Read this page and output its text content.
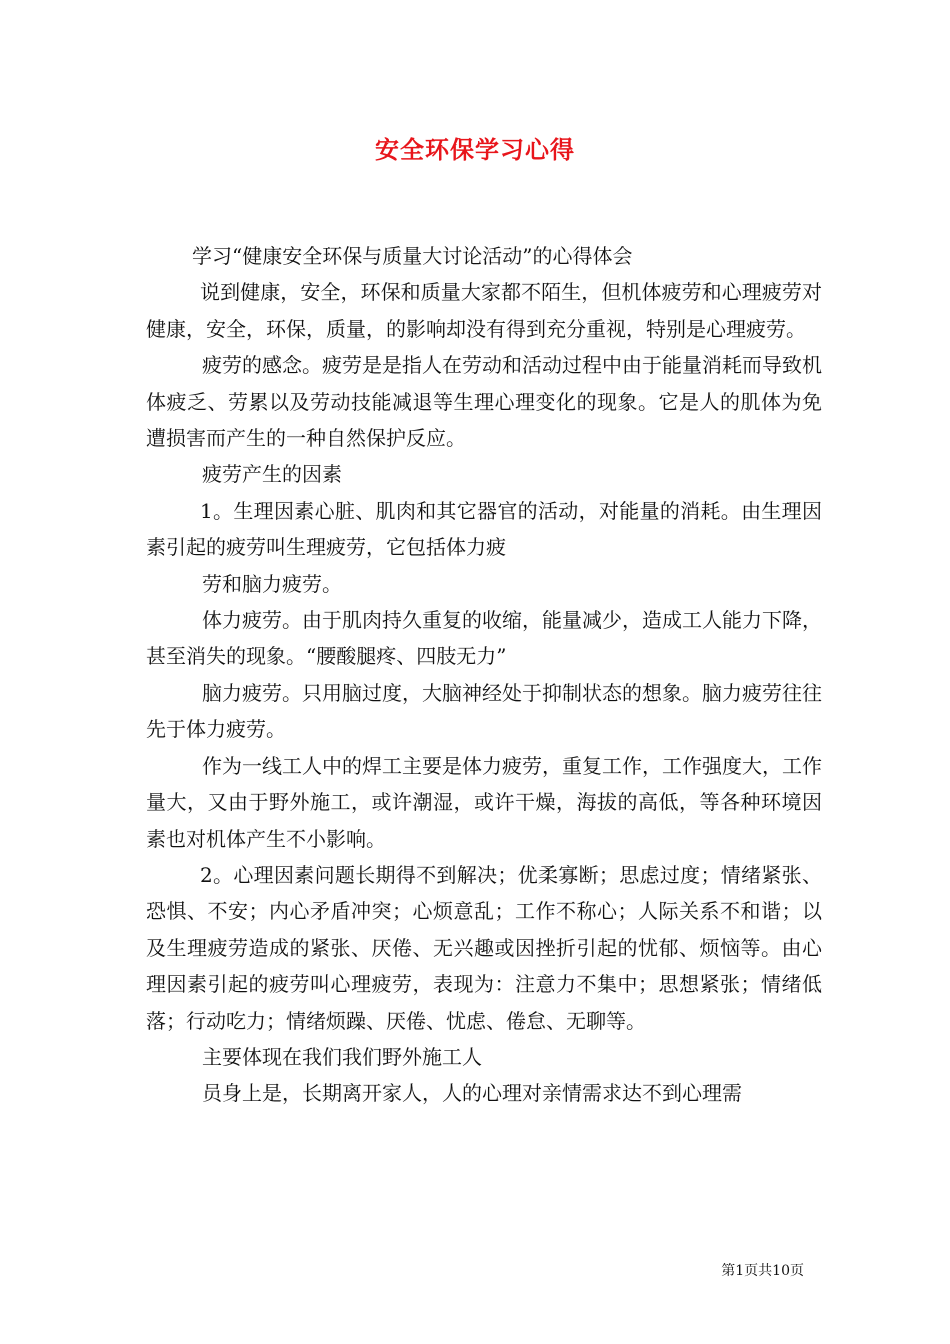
安全环保学习心得

学习“健康安全环保与质量大讨论活动”的心得体会

说到健康，安全，环保和质量大家都不陌生，但机体疲劳和心理疲劳对健康，安全，环保，质量，的影响却没有得到充分重视，特别是心理疲劳。

疲劳的感念。疲劳是是指人在劳动和活动过程中由于能量消耗而导致机体疲乏、劳累以及劳动技能减退等生理心理变化的现象。它是人的肌体为免遭损害而产生的一种自然保护反应。

疲劳产生的因素

1。生理因素心脏、肌肉和其它器官的活动，对能量的消耗。由生理因素引起的疲劳叫生理疲劳，它包括体力疲

劳和脑力疲劳。

体力疲劳。由于肌肉持久重复的收缩，能量减少，造成工人能力下降，甚至消失的现象。“腰酸腿疼、四肢无力”

脑力疲劳。只用脑过度，大脑神经处于抑制状态的想象。脑力疲劳往往先于体力疲劳。

作为一线工人中的焊工主要是体力疲劳，重复工作，工作强度大，工作量大，又由于野外施工，或许潮湿，或许干燥，海拔的高低，等各种环境因素也对机体产生不小影响。

2。心理因素问题长期得不到解决；优柔寡断；思虑过度；情绪紧张、恐惧、不安；内心矛盾冲突；心烦意乱；工作不称心；人际关系不和谐；以及生理疲劳造成的紧张、厌倦、无兴趣或因挫折引起的忧郁、烦恼等。由心理因素引起的疲劳叫心理疲劳，表现为：注意力不集中；思想紧张；情绪低落；行动吃力；情绪烦躁、厌倦、忧虑、倦怠、无聊等。

主要体现在我们我们野外施工人

员身上是，长期离开家人，人的心理对亲情需求达不到心理需

第1页共10页
